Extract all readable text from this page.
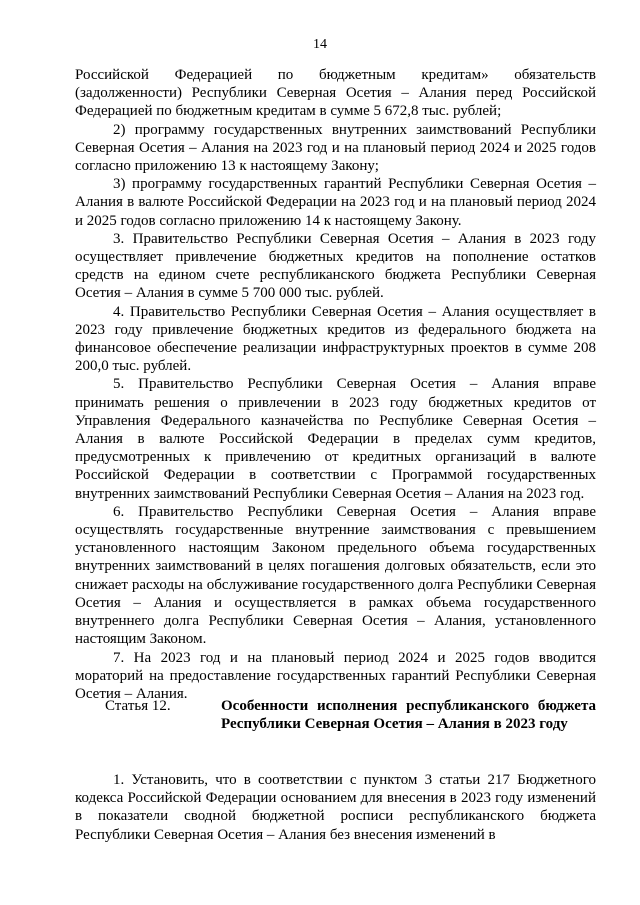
14

Российской Федерацией по бюджетным кредитам» обязательств (задолженности) Республики Северная Осетия – Алания перед Российской Федерацией по бюджетным кредитам в сумме 5 672,8 тыс. рублей;

2) программу государственных внутренних заимствований Республики Северная Осетия – Алания на 2023 год и на плановый период 2024 и 2025 годов согласно приложению 13 к настоящему Закону;

3) программу государственных гарантий Республики Северная Осетия – Алания в валюте Российской Федерации на 2023 год и на плановый период 2024 и 2025 годов согласно приложению 14 к настоящему Закону.

3. Правительство Республики Северная Осетия – Алания в 2023 году осуществляет привлечение бюджетных кредитов на пополнение остатков средств на едином счете республиканского бюджета Республики Северная Осетия – Алания в сумме 5 700 000 тыс. рублей.

4. Правительство Республики Северная Осетия – Алания осуществляет в 2023 году привлечение бюджетных кредитов из федерального бюджета на финансовое обеспечение реализации инфраструктурных проектов в сумме 208 200,0 тыс. рублей.

5. Правительство Республики Северная Осетия – Алания вправе принимать решения о привлечении в 2023 году бюджетных кредитов от Управления Федерального казначейства по Республике Северная Осетия – Алания в валюте Российской Федерации в пределах сумм кредитов, предусмотренных к привлечению от кредитных организаций в валюте Российской Федерации в соответствии с Программой государственных внутренних заимствований Республики Северная Осетия – Алания на 2023 год.

6. Правительство Республики Северная Осетия – Алания вправе осуществлять государственные внутренние заимствования с превышением установленного настоящим Законом предельного объема государственных внутренних заимствований в целях погашения долговых обязательств, если это снижает расходы на обслуживание государственного долга Республики Северная Осетия – Алания и осуществляется в рамках объема государственного внутреннего долга Республики Северная Осетия – Алания, установленного настоящим Законом.

7. На 2023 год и на плановый период 2024 и 2025 годов вводится мораторий на предоставление государственных гарантий Республики Северная Осетия – Алания.

Статья 12.	Особенности исполнения республиканского бюджета Республики Северная Осетия – Алания в 2023 году

1. Установить, что в соответствии с пунктом 3 статьи 217 Бюджетного кодекса Российской Федерации основанием для внесения в 2023 году изменений в показатели сводной бюджетной росписи республиканского бюджета Республики Северная Осетия – Алания без внесения изменений в
